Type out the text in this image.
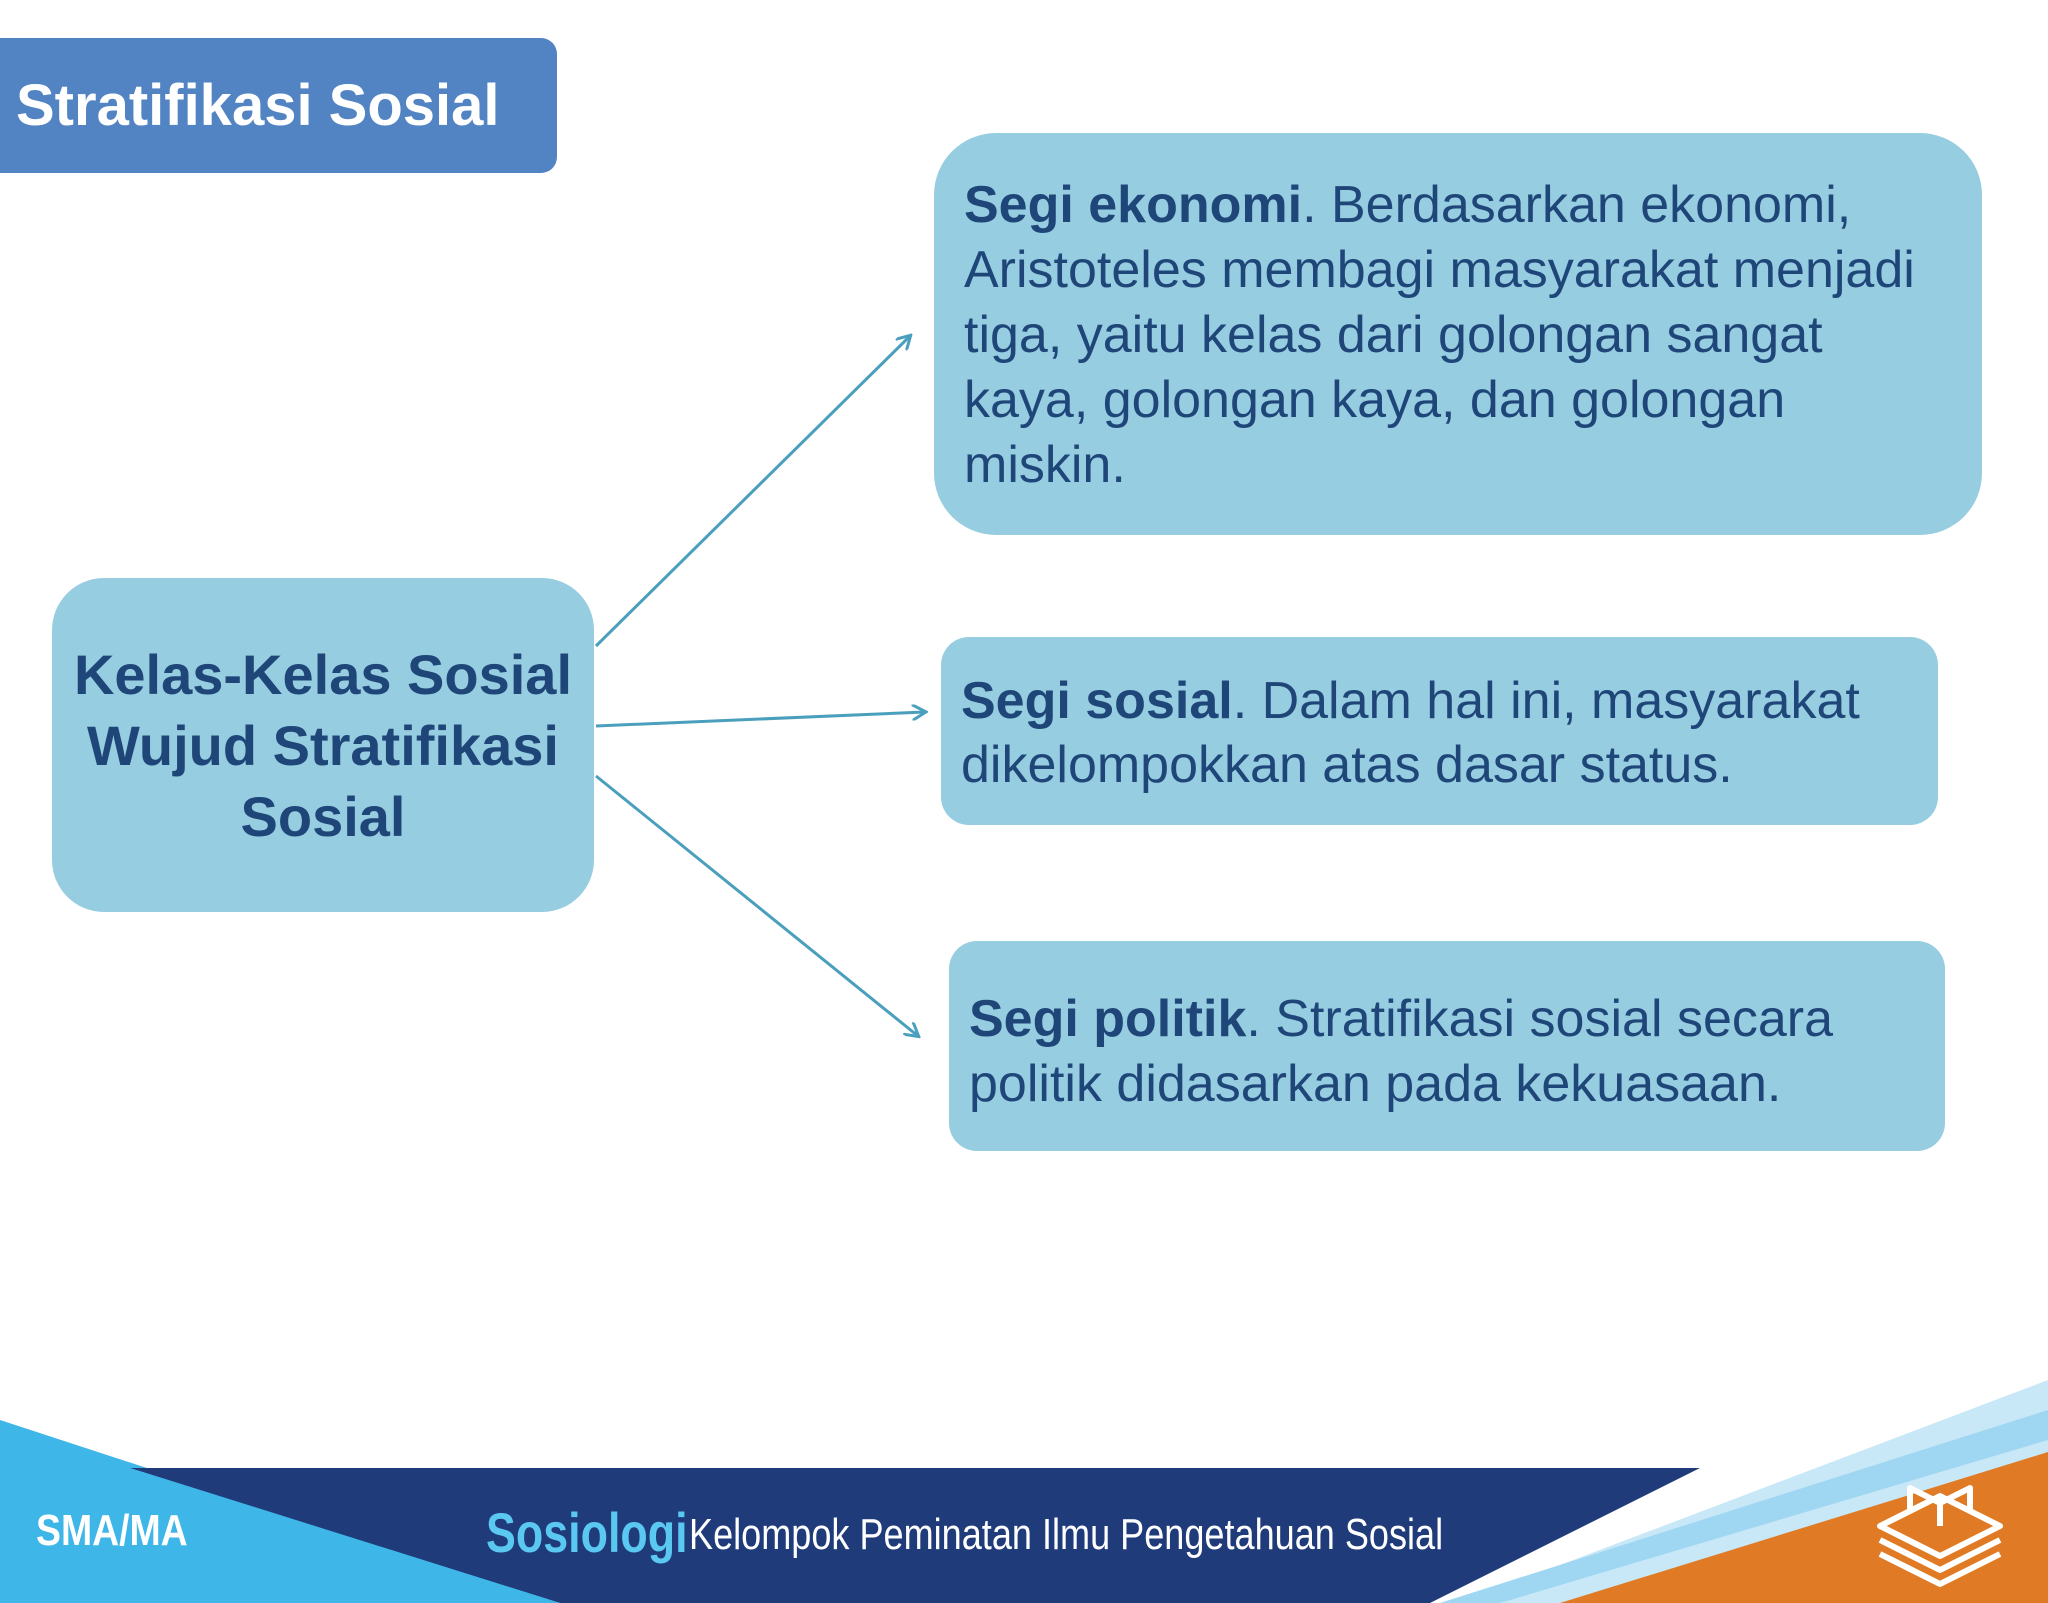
Stratifikasi Sosial
Kelas-Kelas Sosial Wujud Stratifikasi Sosial
Segi ekonomi. Berdasarkan ekonomi, Aristoteles membagi masyarakat menjadi tiga, yaitu kelas dari golongan sangat kaya, golongan kaya, dan golongan miskin.
Segi sosial. Dalam hal ini, masyarakat dikelompokkan atas dasar status.
Segi politik. Stratifikasi sosial secara politik didasarkan pada kekuasaan.
SMA/MA	Sosiologi Kelompok Peminatan Ilmu Pengetahuan Sosial
